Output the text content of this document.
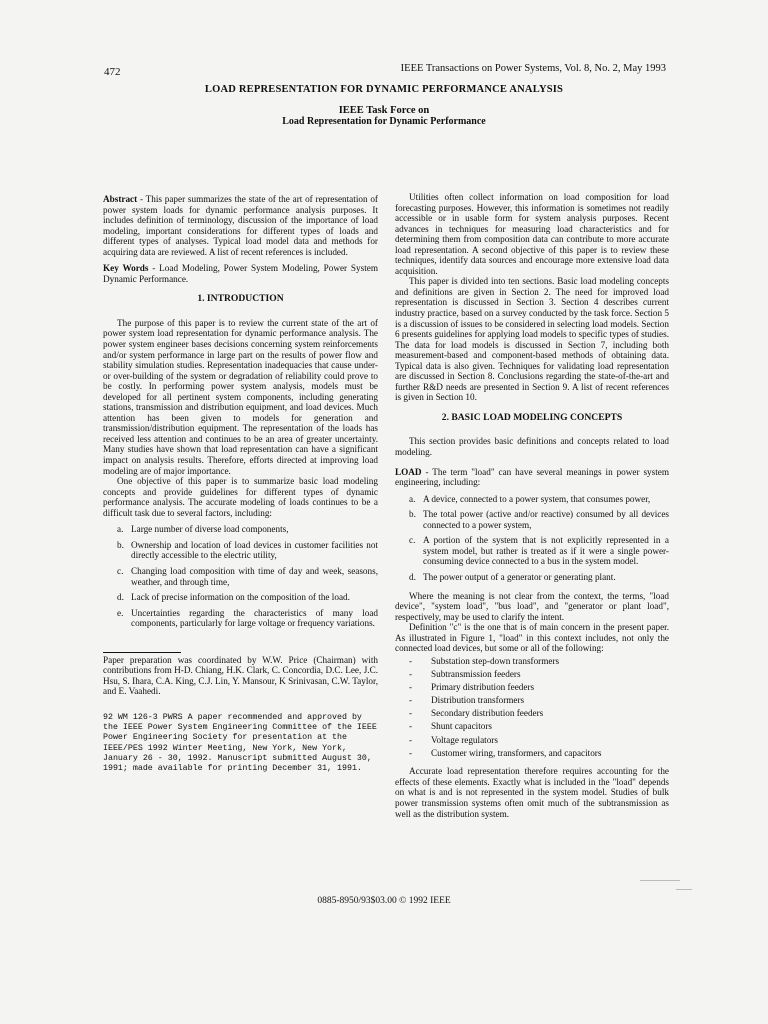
472	IEEE Transactions on Power Systems, Vol. 8, No. 2, May 1993
LOAD REPRESENTATION FOR DYNAMIC PERFORMANCE ANALYSIS
IEEE Task Force on
Load Representation for Dynamic Performance

Abstract - This paper summarizes the state of the art of representation of power system loads for dynamic performance analysis purposes. It includes definition of terminology, discussion of the importance of load modeling, important considerations for different types of loads and different types of analyses. Typical load model data and methods for acquiring data are reviewed. A list of recent references is included.

Key Words - Load Modeling, Power System Modeling, Power System Dynamic Performance.

1. INTRODUCTION

The purpose of this paper is to review the current state of the art of power system load representation for dynamic performance analysis. The power system engineer bases decisions concerning system reinforcements and/or system performance in large part on the results of power flow and stability simulation studies. Representation inadequacies that cause under- or over-building of the system or degradation of reliability could prove to be costly. In performing power system analysis, models must be developed for all pertinent system components, including generating stations, transmission and distribution equipment, and load devices. Much attention has been given to models for generation and transmission/distribution equipment. The representation of the loads has received less attention and continues to be an area of greater uncertainty. Many studies have shown that load representation can have a significant impact on analysis results. Therefore, efforts directed at improving load modeling are of major importance.

One objective of this paper is to summarize basic load modeling concepts and provide guidelines for different types of dynamic performance analysis. The accurate modeling of loads continues to be a difficult task due to several factors, including:

a. Large number of diverse load components,
b. Ownership and location of load devices in customer facilities not directly accessible to the electric utility,
c. Changing load composition with time of day and week, seasons, weather, and through time,
d. Lack of precise information on the composition of the load.
e. Uncertainties regarding the characteristics of many load components, particularly for large voltage or frequency variations.

Paper preparation was coordinated by W.W. Price (Chairman) with contributions from H-D. Chiang, H.K. Clark, C. Concordia, D.C. Lee, J.C. Hsu, S. Ihara, C.A. King, C.J. Lin, Y. Mansour, K Srinivasan, C.W. Taylor, and E. Vaahedi.

92 WM 126-3 PWRS A paper recommended and approved by the IEEE Power System Engineering Committee of the IEEE Power Engineering Society for presentation at the IEEE/PES 1992 Winter Meeting, New York, New York, January 26 - 30, 1992. Manuscript submitted August 30, 1991; made available for printing December 31, 1991.

Utilities often collect information on load composition for load forecasting purposes. However, this information is sometimes not readily accessible or in usable form for system analysis purposes. Recent advances in techniques for measuring load characteristics and for determining them from composition data can contribute to more accurate load representation. A second objective of this paper is to review these techniques, identify data sources and encourage more extensive load data acquisition.

This paper is divided into ten sections. Basic load modeling concepts and definitions are given in Section 2. The need for improved load representation is discussed in Section 3. Section 4 describes current industry practice, based on a survey conducted by the task force. Section 5 is a discussion of issues to be considered in selecting load models. Section 6 presents guidelines for applying load models to specific types of studies. The data for load models is discussed in Section 7, including both measurement-based and component-based methods of obtaining data. Typical data is also given. Techniques for validating load representation are discussed in Section 8. Conclusions regarding the state-of-the-art and further R&D needs are presented in Section 9. A list of recent references is given in Section 10.

2. BASIC LOAD MODELING CONCEPTS

This section provides basic definitions and concepts related to load modeling.

LOAD - The term "load" can have several meanings in power system engineering, including:

a. A device, connected to a power system, that consumes power,
b. The total power (active and/or reactive) consumed by all devices connected to a power system,
c. A portion of the system that is not explicitly represented in a system model, but rather is treated as if it were a single power-consuming device connected to a bus in the system model.
d. The power output of a generator or generating plant.

Where the meaning is not clear from the context, the terms, "load device", "system load", "bus load", and "generator or plant load", respectively, may be used to clarify the intent.

Definition "c" is the one that is of main concern in the present paper. As illustrated in Figure 1, "load" in this context includes, not only the connected load devices, but some or all of the following:

- Substation step-down transformers
- Subtransmission feeders
- Primary distribution feeders
- Distribution transformers
- Secondary distribution feeders
- Shunt capacitors
- Voltage regulators
- Customer wiring, transformers, and capacitors

Accurate load representation therefore requires accounting for the effects of these elements. Exactly what is included in the "load" depends on what is and is not represented in the system model. Studies of bulk power transmission systems often omit much of the subtransmission as well as the distribution system.

0885-8950/93$03.00 © 1992 IEEE
